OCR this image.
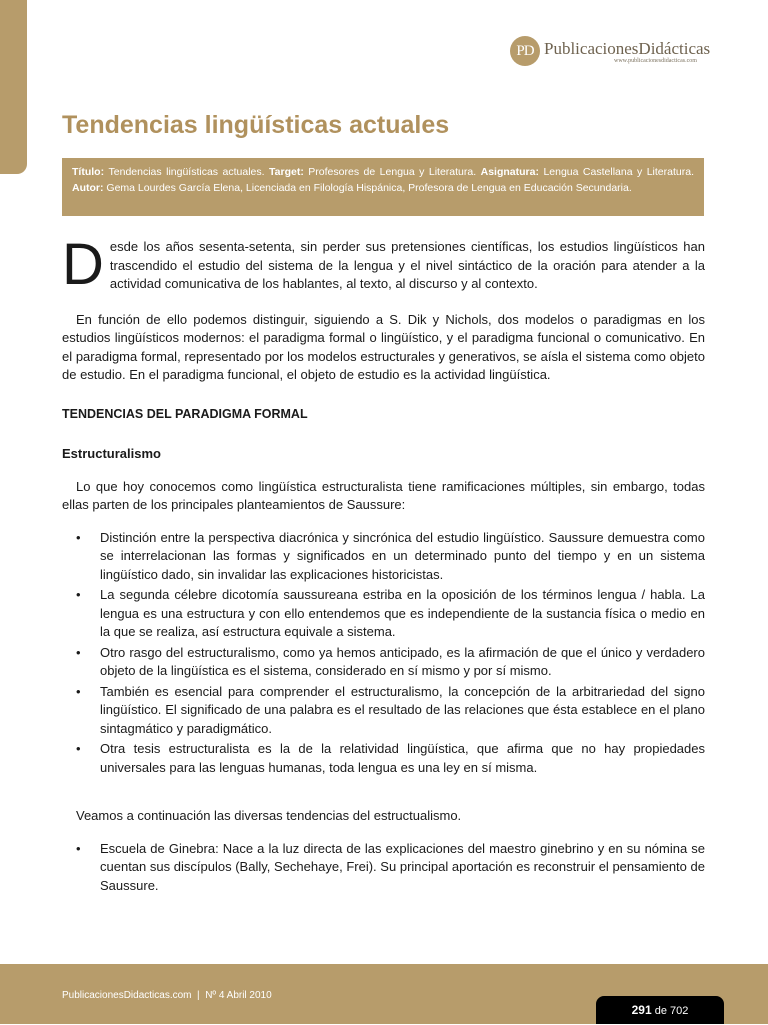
PD PublicacionesDidácticas
www.publicacionesdidacticas.com
Tendencias lingüísticas actuales
Título: Tendencias lingüísticas actuales. Target: Profesores de Lengua y Literatura. Asignatura: Lengua Castellana y Literatura. Autor: Gema Lourdes García Elena, Licenciada en Filología Hispánica, Profesora de Lengua en Educación Secundaria.
D esde los años sesenta-setenta, sin perder sus pretensiones científicas, los estudios lingüísticos han trascendido el estudio del sistema de la lengua y el nivel sintáctico de la oración para atender a la actividad comunicativa de los hablantes, al texto, al discurso y al contexto.

En función de ello podemos distinguir, siguiendo a S. Dik y Nichols, dos modelos o paradigmas en los estudios lingüísticos modernos: el paradigma formal o lingüístico, y el paradigma funcional o comunicativo. En el paradigma formal, representado por los modelos estructurales y generativos, se aísla el sistema como objeto de estudio. En el paradigma funcional, el objeto de estudio es la actividad lingüística.

TENDENCIAS DEL PARADIGMA FORMAL

Estructuralismo

Lo que hoy conocemos como lingüística estructuralista tiene ramificaciones múltiples, sin embargo, todas ellas parten de los principales planteamientos de Saussure:

• Distinción entre la perspectiva diacrónica y sincrónica del estudio lingüístico. Saussure demuestra como se interrelacionan las formas y significados en un determinado punto del tiempo y en un sistema lingüístico dado, sin invalidar las explicaciones historicistas.
• La segunda célebre dicotomía saussureana estriba en la oposición de los términos lengua / habla. La lengua es una estructura y con ello entendemos que es independiente de la sustancia física o medio en la que se realiza, así estructura equivale a sistema.
• Otro rasgo del estructuralismo, como ya hemos anticipado, es la afirmación de que el único y verdadero objeto de la lingüística es el sistema, considerado en sí mismo y por sí mismo.
• También es esencial para comprender el estructuralismo, la concepción de la arbitrariedad del signo lingüístico. El significado de una palabra es el resultado de las relaciones que ésta establece en el plano sintagmático y paradigmático.
• Otra tesis estructuralista es la de la relatividad lingüística, que afirma que no hay propiedades universales para las lenguas humanas, toda lengua es una ley en sí misma.

Veamos a continuación las diversas tendencias del estructualismo.

• Escuela de Ginebra: Nace a la luz directa de las explicaciones del maestro ginebrino y en su nómina se cuentan sus discípulos (Bally, Sechehaye, Frei). Su principal aportación es reconstruir el pensamiento de Saussure.
PublicacionesDidacticas.com  |  Nº 4 Abril 2010
291 de 702
